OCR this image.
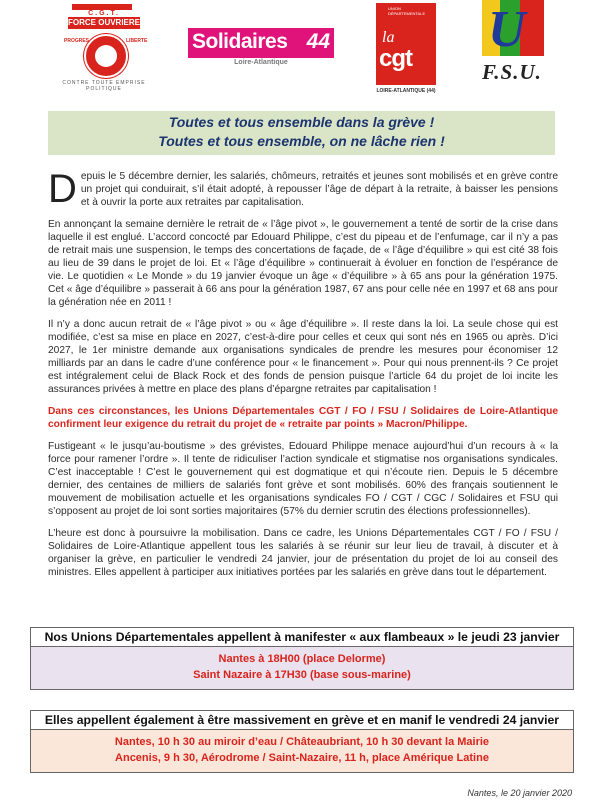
C.G.T.
FORCE OUVRIERE
PROGRES	LIBERTE
CONTRE TOUTE EMPRISE POLITIQUE
Solidaires 44
Loire-Atlantique
UNION DÉPARTEMENTALE
la
cgt
LOIRE-ATLANTIQUE (44)
U
F.S.U.
Toutes et tous ensemble dans la grève !
Toutes et tous ensemble, on ne lâche rien !

Depuis le 5 décembre dernier, les salariés, chômeurs, retraités et jeunes sont mobilisés et en grève contre un projet qui conduirait, s’il était adopté, à repousser l’âge de départ à la retraite, à baisser les pensions et à ouvrir la porte aux retraites par capitalisation.

En annonçant la semaine dernière le retrait de « l’âge pivot », le gouvernement a tenté de sortir de la crise dans laquelle il est englué. L’accord concocté par Edouard Philippe, c’est du pipeau et de l’enfumage, car il n’y a pas de retrait mais une suspension, le temps des concertations de façade, de « l’âge d’équilibre » qui est cité 38 fois au lieu de 39 dans le projet de loi. Et « l’âge d’équilibre » continuerait à évoluer en fonction de l’espérance de vie. Le quotidien « Le Monde » du 19 janvier évoque un âge « d’équilibre » à 65 ans pour la génération 1975. Cet « âge d’équilibre » passerait à 66 ans pour la génération 1987, 67 ans pour celle née en 1997 et 68 ans pour la génération née en 2011 !

Il n’y a donc aucun retrait de « l’âge pivot » ou « âge d’équilibre ». Il reste dans la loi. La seule chose qui est modifiée, c’est sa mise en place en 2027, c’est-à-dire pour celles et ceux qui sont nés en 1965 ou après. D’ici 2027, le 1er ministre demande aux organisations syndicales de prendre les mesures pour économiser 12 milliards par an dans le cadre d’une conférence pour « le financement ». Pour qui nous prennent-ils ? Ce projet est intégralement celui de Black Rock et des fonds de pension puisque l’article 64 du projet de loi incite les assurances privées à mettre en place des plans d’épargne retraites par capitalisation !

Dans ces circonstances, les Unions Départementales CGT / FO / FSU / Solidaires de Loire-Atlantique confirment leur exigence du retrait du projet de « retraite par points » Macron/Philippe.

Fustigeant « le jusqu’au-boutisme » des grévistes, Edouard Philippe menace aujourd’hui d’un recours à « la force pour ramener l’ordre ». Il tente de ridiculiser l’action syndicale et stigmatise nos organisations syndicales. C’est inacceptable ! C’est le gouvernement qui est dogmatique et qui n’écoute rien. Depuis le 5 décembre dernier, des centaines de milliers de salariés font grève et sont mobilisés. 60% des français soutiennent le mouvement de mobilisation actuelle et les organisations syndicales FO / CGT / CGC / Solidaires et FSU qui s’opposent au projet de loi sont sorties majoritaires (57% du dernier scrutin des élections professionnelles).

L’heure est donc à poursuivre la mobilisation. Dans ce cadre, les Unions Départementales CGT / FO / FSU / Solidaires de Loire-Atlantique appellent tous les salariés à se réunir sur leur lieu de travail, à discuter et à organiser la grève, en particulier le vendredi 24 janvier, jour de présentation du projet de loi au conseil des ministres. Elles appellent à participer aux initiatives portées par les salariés en grève dans tout le département.

Nos Unions Départementales appellent à manifester « aux flambeaux » le jeudi 23 janvier
Nantes à 18H00 (place Delorme)
Saint Nazaire à 17H30 (base sous-marine)
Elles appellent également à être massivement en grève et en manif le vendredi 24 janvier
Nantes, 10 h 30 au miroir d’eau / Châteaubriant, 10 h 30 devant la Mairie
Ancenis, 9 h 30, Aérodrome / Saint-Nazaire, 11 h, place Amérique Latine
Nantes, le 20 janvier 2020
